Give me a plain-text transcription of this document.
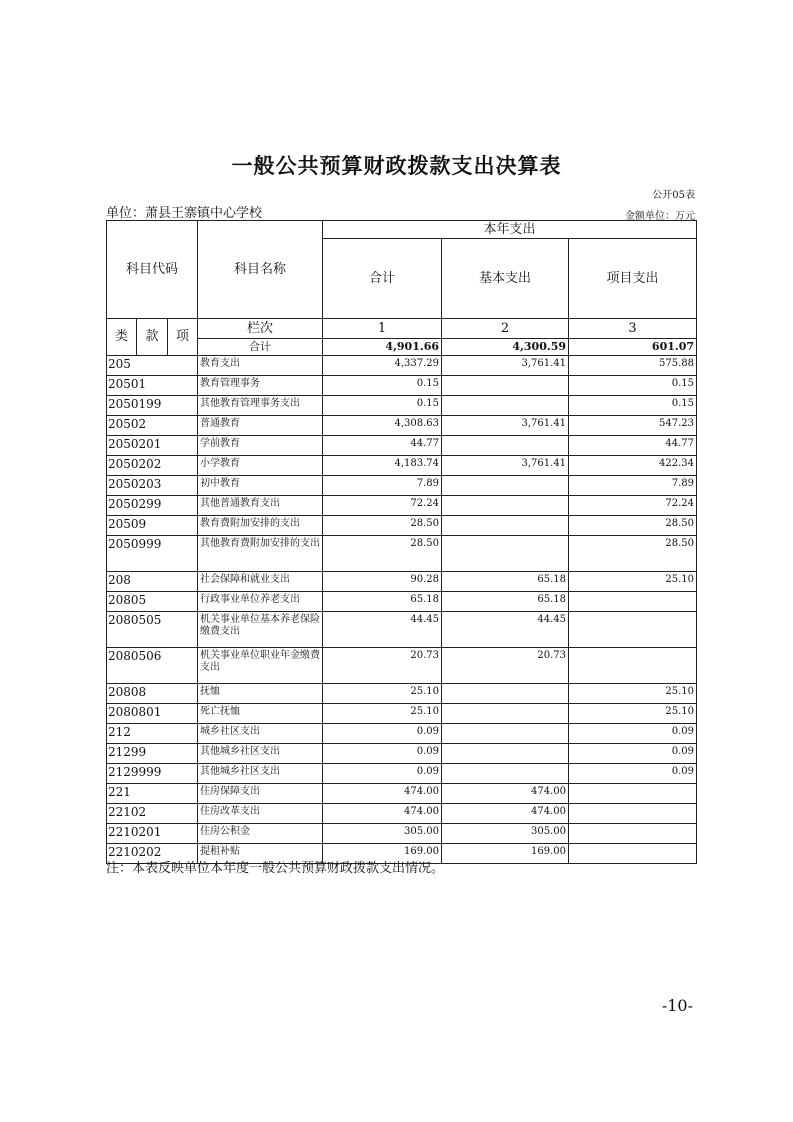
一般公共预算财政拨款支出决算表
公开05表
单位：萧县王寨镇中心学校	金额单位：万元
科目代码			科目名称	本年支出		
				合计	基本支出	项目支出
类	款	项	栏次	1	2	3
			合计	4,901.66	4,300.59	601.07
205			教育支出	4,337.29	3,761.41	575.88
20501			教育管理事务	0.15		0.15
2050199			其他教育管理事务支出	0.15		0.15
20502			普通教育	4,308.63	3,761.41	547.23
2050201			学前教育	44.77		44.77
2050202			小学教育	4,183.74	3,761.41	422.34
2050203			初中教育	7.89		7.89
2050299			其他普通教育支出	72.24		72.24
20509			教育费附加安排的支出	28.50		28.50
2050999			其他教育费附加安排的支出	28.50		28.50
208			社会保障和就业支出	90.28	65.18	25.10
20805			行政事业单位养老支出	65.18	65.18	
2080505			机关事业单位基本养老保险缴费支出	44.45	44.45	
2080506			机关事业单位职业年金缴费支出	20.73	20.73	
20808			抚恤	25.10		25.10
2080801			死亡抚恤	25.10		25.10
212			城乡社区支出	0.09		0.09
21299			其他城乡社区支出	0.09		0.09
2129999			其他城乡社区支出	0.09		0.09
221			住房保障支出	474.00	474.00	
22102			住房改革支出	474.00	474.00	
2210201			住房公积金	305.00	305.00	
2210202			提租补贴	169.00	169.00	
注：本表反映单位本年度一般公共预算财政拨款支出情况。
-10-
